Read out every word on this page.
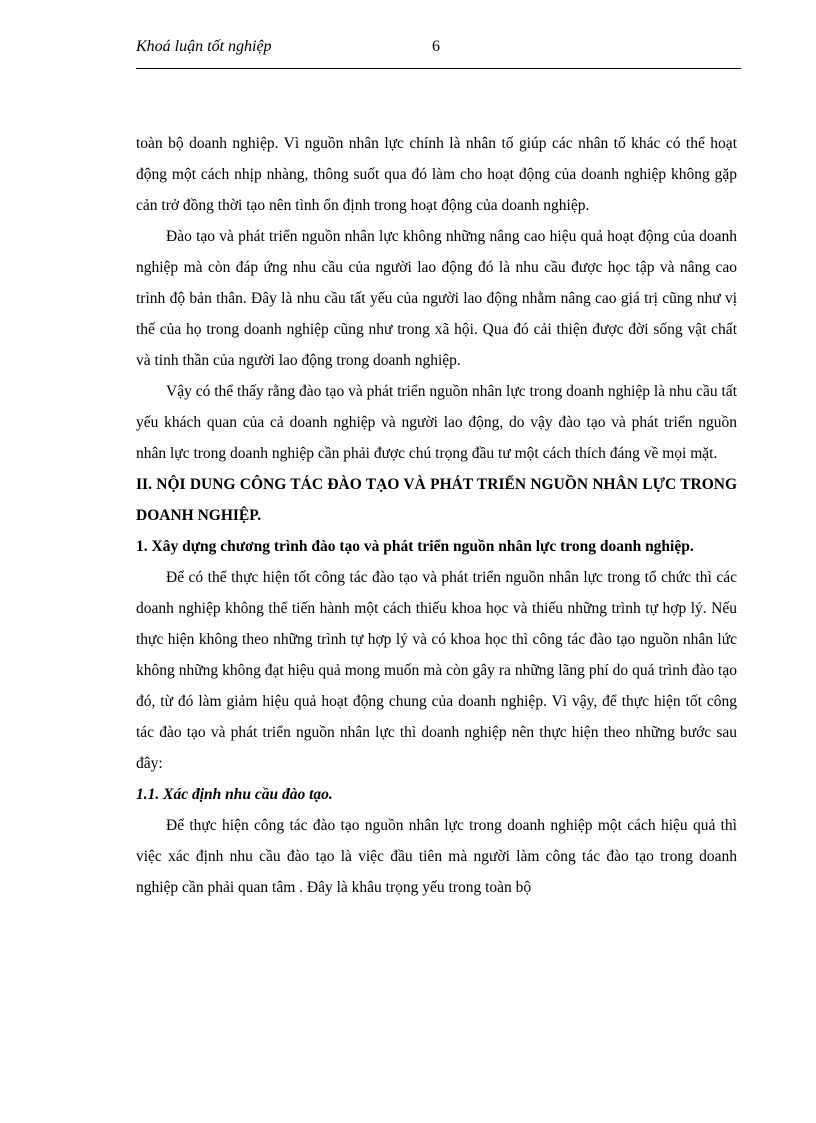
Khoá luận tốt nghiệp	6

toàn bộ doanh nghiệp. Vì nguồn nhân lực chính là nhân tố giúp các nhân tố khác có thể hoạt động một cách nhịp nhàng, thông suốt qua đó làm cho hoạt động của doanh nghiệp không gặp cản trở đồng thời tạo nên tình ổn định trong hoạt động của doanh nghiệp.

Đào tạo và phát triển nguồn nhân lực không những nâng cao hiệu quả hoạt động của doanh nghiệp mà còn đáp ứng nhu cầu của người lao động đó là nhu cầu được học tập và nâng cao trình độ bản thân. Đây là nhu cầu tất yếu của người lao động nhằm nâng cao giá trị cũng như vị thế của họ trong doanh nghiệp cũng như trong xã hội. Qua đó cải thiện được đời sống vật chất và tinh thần của người lao động trong doanh nghiệp.

Vậy có thể thấy rằng đào tạo và phát triển nguồn nhân lực trong doanh nghiệp là nhu cầu tất yếu khách quan của cả doanh nghiệp và người lao động, do vậy đào tạo và phát triển nguồn nhân lực trong doanh nghiệp cần phải được chú trọng đầu tư một cách thích đáng về mọi mặt.

II. NỘI DUNG CÔNG TÁC ĐÀO TẠO VÀ PHÁT TRIỂN NGUỒN NHÂN LỰC TRONG DOANH NGHIỆP.

1. Xây dựng chương trình đào tạo và phát triển nguồn nhân lực trong doanh nghiệp.

Để có thể thực hiện tốt công tác đào tạo và phát triển nguồn nhân lực trong tổ chức thì các doanh nghiệp không thể tiến hành một cách thiếu khoa học và thiếu những trình tự hợp lý. Nếu thực hiện không theo những trình tự hợp lý và có khoa học thì công tác đào tạo nguồn nhân lức không những không đạt hiệu quả mong muốn mà còn gây ra những lãng phí do quá trình đào tạo đó, từ đó làm giảm hiệu quả hoạt động chung của doanh nghiệp. Vì vậy, để thực hiện tốt công tác đào tạo và phát triển nguồn nhân lực thì doanh nghiệp nên thực hiện theo những bước sau đây:

1.1. Xác định nhu cầu đào tạo.

Để thực hiện công tác đào tạo nguồn nhân lực trong doanh nghiệp một cách hiệu quả thì việc xác định nhu cầu đào tạo là việc đầu tiên mà người làm công tác đào tạo trong doanh nghiệp cần phải quan tâm . Đây là khâu trọng yếu trong toàn bộ
